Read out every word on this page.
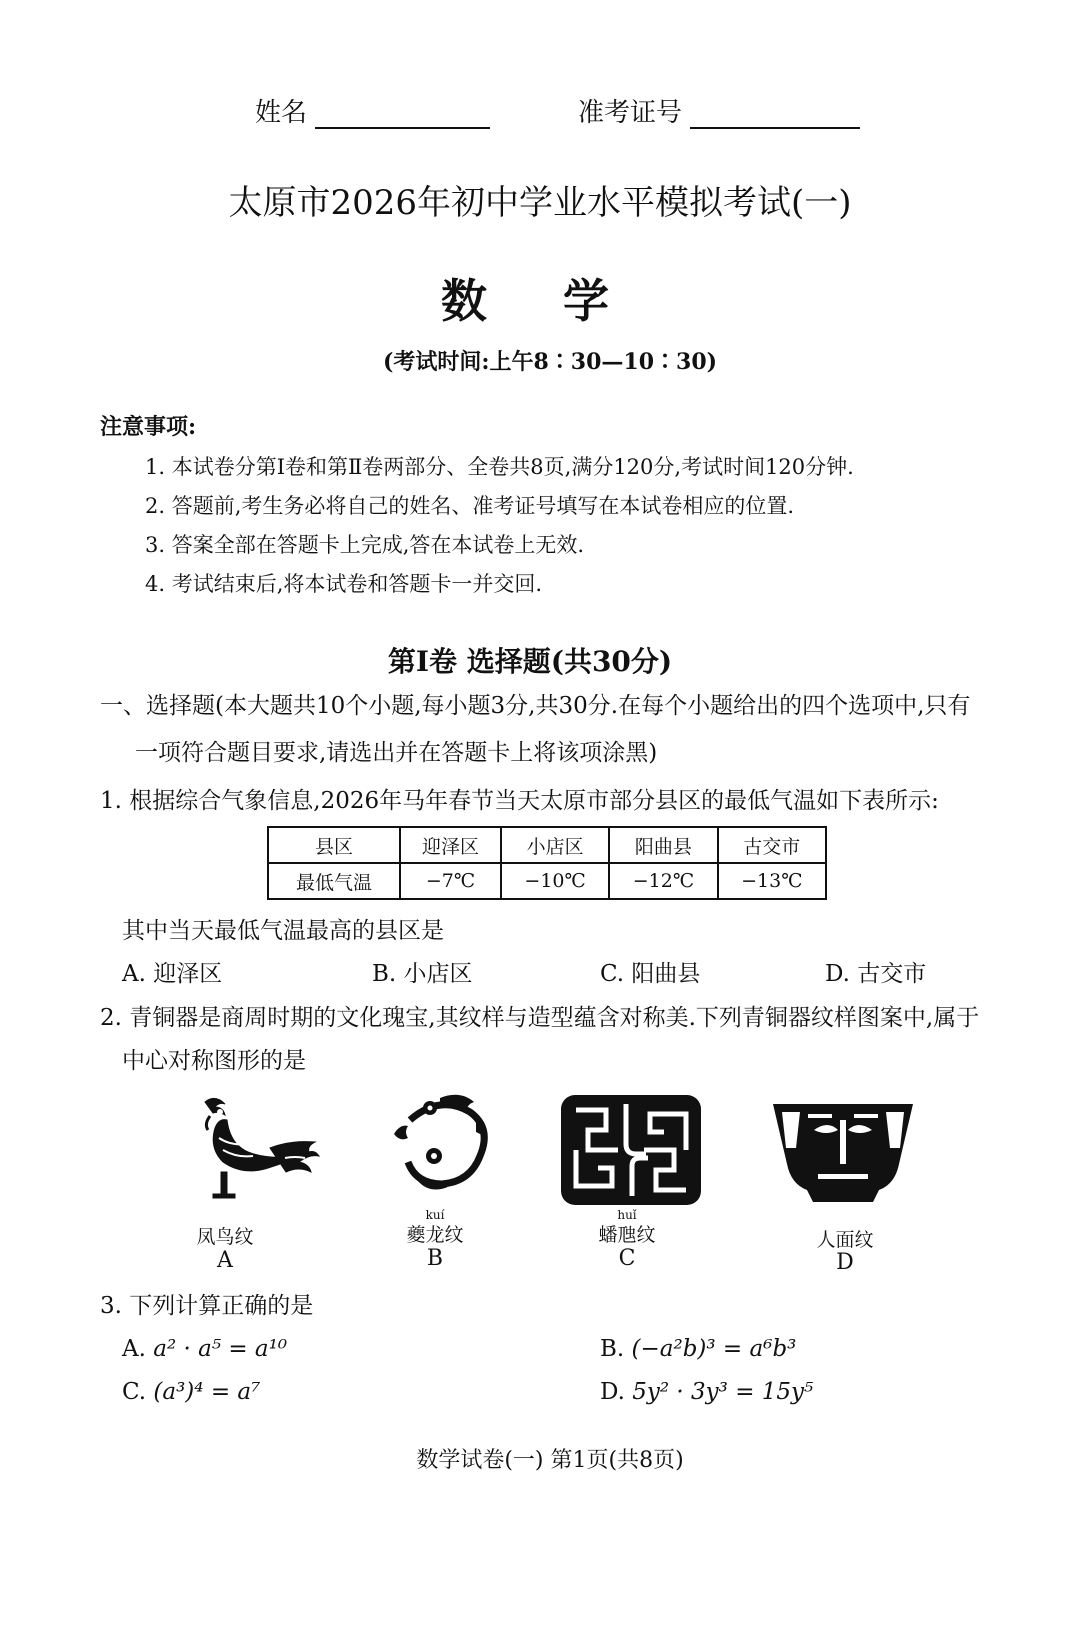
姓名	准考证号
太原市2026年初中学业水平模拟考试(一)
数 学
(考试时间:上午8∶30—10∶30)
注意事项:
1. 本试卷分第Ⅰ卷和第Ⅱ卷两部分、全卷共8页,满分120分,考试时间120分钟.
2. 答题前,考生务必将自己的姓名、准考证号填写在本试卷相应的位置.
3. 答案全部在答题卡上完成,答在本试卷上无效.
4. 考试结束后,将本试卷和答题卡一并交回.
第Ⅰ卷 选择题(共30分)
一、选择题(本大题共10个小题,每小题3分,共30分.在每个小题给出的四个选项中,只有
一项符合题目要求,请选出并在答题卡上将该项涂黑)
1. 根据综合气象信息,2026年马年春节当天太原市部分县区的最低气温如下表所示:
县区	迎泽区	小店区	阳曲县	古交市
最低气温	−7℃	−10℃	−12℃	−13℃
其中当天最低气温最高的县区是
A. 迎泽区	B. 小店区	C. 阳曲县	D. 古交市
2. 青铜器是商周时期的文化瑰宝,其纹样与造型蕴含对称美.下列青铜器纹样图案中,属于
中心对称图形的是
kuí	huǐ
凤鸟纹	夔龙纹	蟠虺纹	人面纹
A	B	C	D
3. 下列计算正确的是
A. a² · a⁵ = a¹⁰	B. (−a²b)³ = a⁶b³
C. (a³)⁴ = a⁷	D. 5y² · 3y³ = 15y⁵
数学试卷(一) 第1页(共8页)
